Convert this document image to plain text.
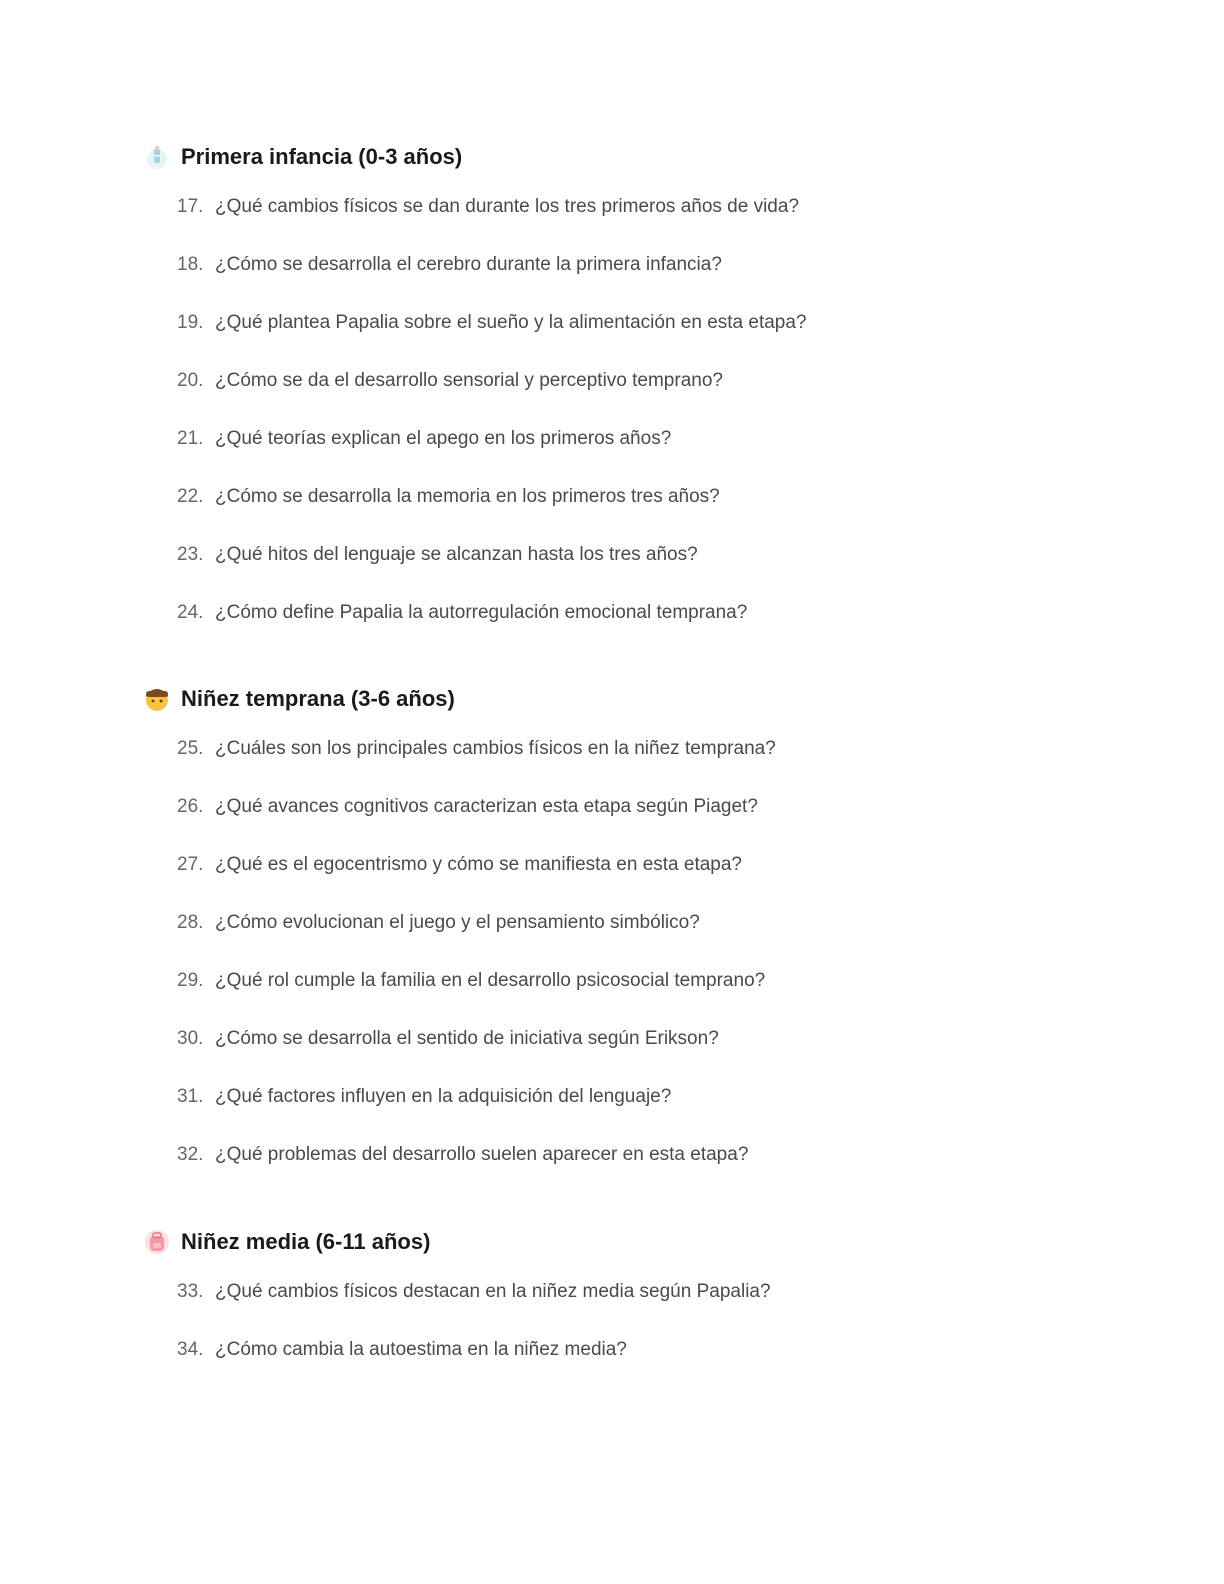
Primera infancia (0-3 años)
17. ¿Qué cambios físicos se dan durante los tres primeros años de vida?
18. ¿Cómo se desarrolla el cerebro durante la primera infancia?
19. ¿Qué plantea Papalia sobre el sueño y la alimentación en esta etapa?
20. ¿Cómo se da el desarrollo sensorial y perceptivo temprano?
21. ¿Qué teorías explican el apego en los primeros años?
22. ¿Cómo se desarrolla la memoria en los primeros tres años?
23. ¿Qué hitos del lenguaje se alcanzan hasta los tres años?
24. ¿Cómo define Papalia la autorregulación emocional temprana?
Niñez temprana (3-6 años)
25. ¿Cuáles son los principales cambios físicos en la niñez temprana?
26. ¿Qué avances cognitivos caracterizan esta etapa según Piaget?
27. ¿Qué es el egocentrismo y cómo se manifiesta en esta etapa?
28. ¿Cómo evolucionan el juego y el pensamiento simbólico?
29. ¿Qué rol cumple la familia en el desarrollo psicosocial temprano?
30. ¿Cómo se desarrolla el sentido de iniciativa según Erikson?
31. ¿Qué factores influyen en la adquisición del lenguaje?
32. ¿Qué problemas del desarrollo suelen aparecer en esta etapa?
Niñez media (6-11 años)
33. ¿Qué cambios físicos destacan en la niñez media según Papalia?
34. ¿Cómo cambia la autoestima en la niñez media?
